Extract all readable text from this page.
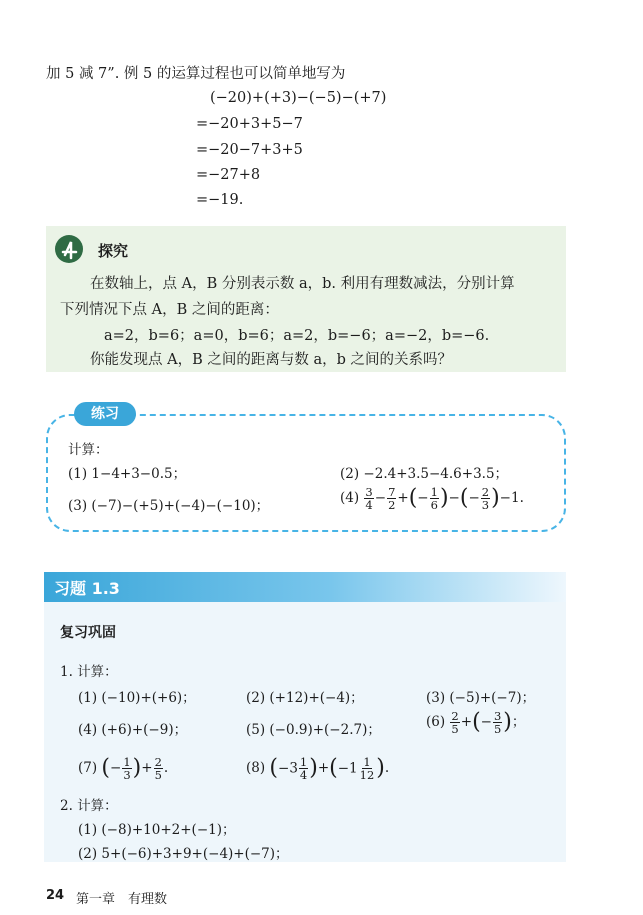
加 5 减 7”. 例 5 的运算过程也可以简单地写为
(−20)+(+3)−(−5)−(+7)
=−20+3+5−7
=−20−7+3+5
=−27+8
=−19.
探究
在数轴上，点 A，B 分别表示数 a，b. 利用有理数减法，分别计算
下列情况下点 A，B 之间的距离：
a=2，b=6；a=0，b=6；a=2，b=−6；a=−2，b=−6.
你能发现点 A，B 之间的距离与数 a，b 之间的关系吗？
练习
计算：
(1) 1−4+3−0.5；	(2) −2.4+3.5−4.6+3.5；
(3) (−7)−(+5)+(−4)−(−10)；	$(4) \frac{3}{4} - \frac{7}{2}$ +(− $\frac{1}{6}$ )−(− $\frac{2}{3} )-1$.
习题 1.3
复习巩固
1. 计算：
(1) (−10)+(+6)；	(2) (+12)+(−4)；	(3) (−5)+(−7)；
(4) (+6)+(−9)；	(5) (−0.9)+(−2.7)；	$(6) \frac{2}{5}$ +(− $\frac{3}{5}$ )；
(7) (− $\frac{1}{3}$ )+ $\frac{2}{5}$ .	(8) $(-3 \frac{1}{4} )+(-1 \frac{1}{12}$ ).
2. 计算：
(1) (−8)+10+2+(−1)；
(2) 5+(−6)+3+9+(−4)+(−7)；
24 第一章　有理数
